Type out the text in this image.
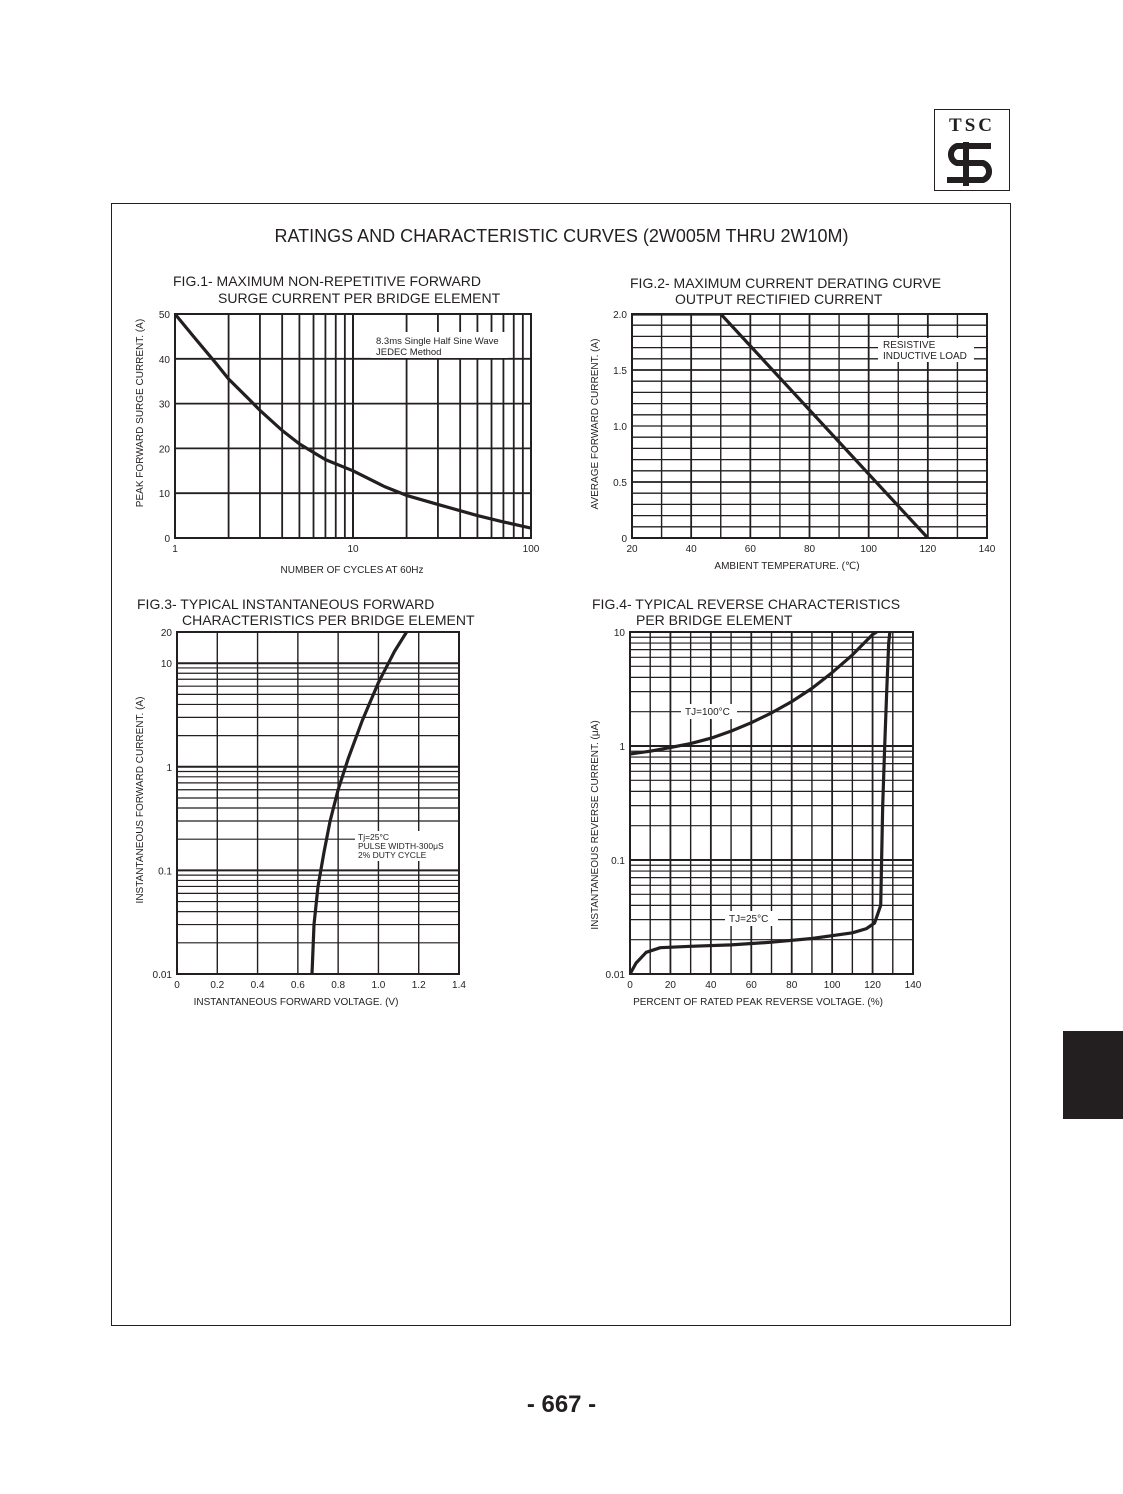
TSC
RATINGS AND CHARACTERISTIC CURVES (2W005M THRU 2W10M)
FIG.1- MAXIMUM NON-REPETITIVE FORWARD
SURGE CURRENT PER BRIDGE ELEMENT
1	10	100
0
10
20
30
40
50
NUMBER OF CYCLES AT 60Hz
PEAK FORWARD SURGE CURRENT. (A)	8.3ms Single Half Sine Wave
JEDEC Method
FIG.2- MAXIMUM CURRENT DERATING CURVE
OUTPUT RECTIFIED CURRENT
20	40	60	80	100	120	140
0
0.5
1.0
1.5
2.0
AMBIENT TEMPERATURE. (℃)
AVERAGE FORWARD CURRENT. (A)	RESISTIVE
INDUCTIVE LOAD
FIG.3- TYPICAL INSTANTANEOUS FORWARD
CHARACTERISTICS PER BRIDGE ELEMENT
0	0.2	0.4	0.6	0.8	1.0	1.2	1.4
0.01
0.1
1
10
20
INSTANTANEOUS FORWARD VOLTAGE. (V)
INSTANTANEOUS FORWARD CURRENT. (A)	Tj=25°C
PULSE WIDTH-300μS
2% DUTY CYCLE
FIG.4- TYPICAL REVERSE CHARACTERISTICS
PER BRIDGE ELEMENT
0	20	40	60	80	100 120 140
0.01
0.1
1
10
PERCENT OF RATED PEAK REVERSE VOLTAGE. (%)
INSTANTANEOUS REVERSE CURRENT. (μA)
TJ=100°C
TJ=25°C
- 667 -
